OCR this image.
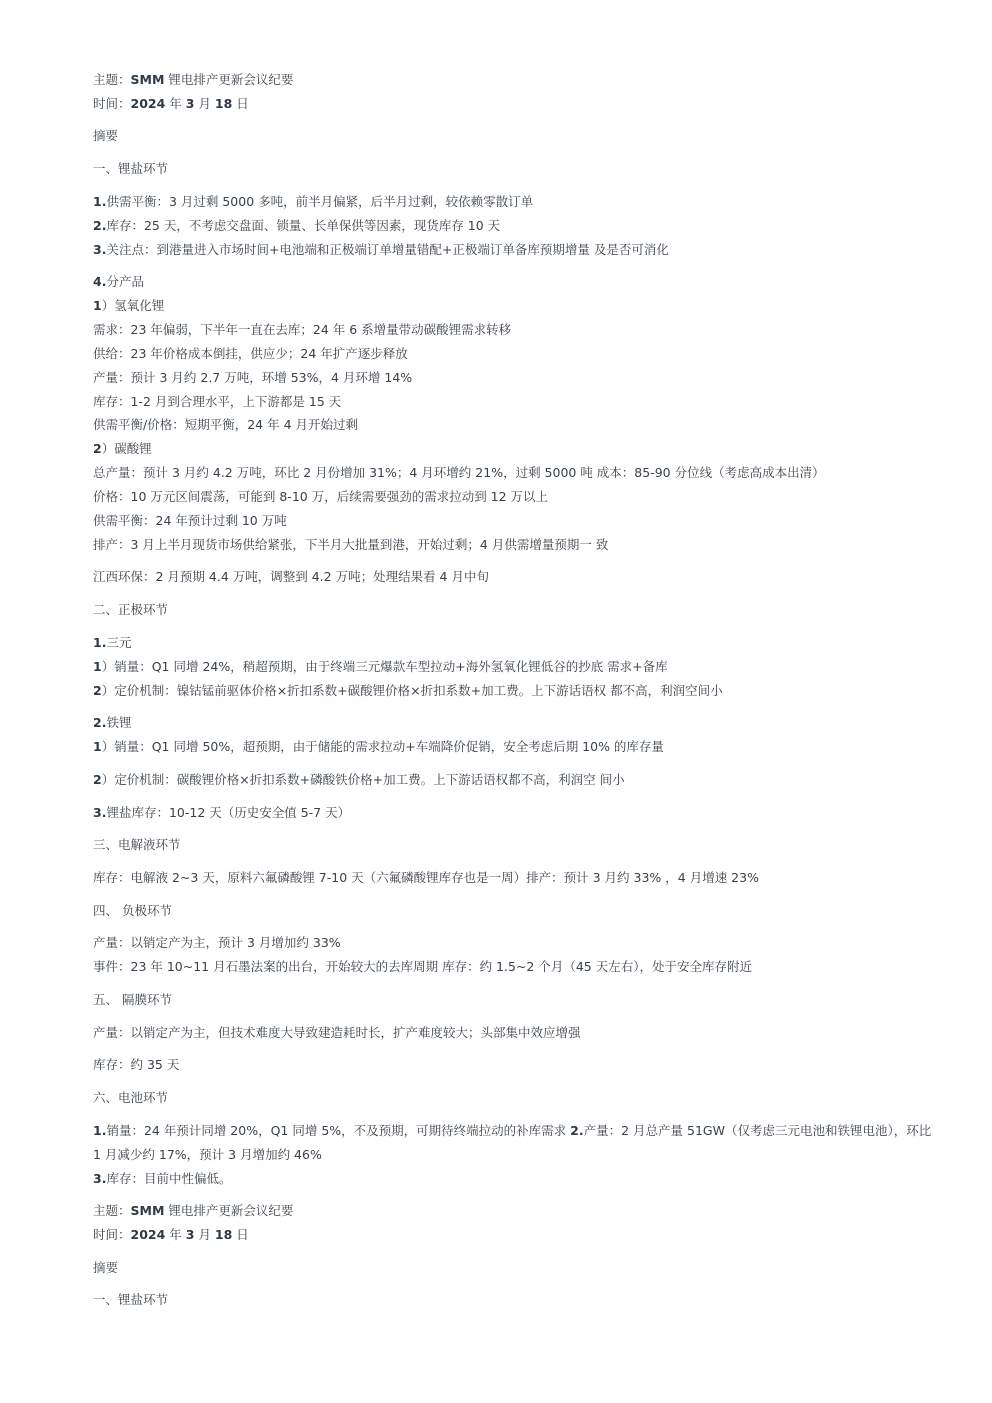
主题：SMM 锂电排产更新会议纪要
时间：2024 年 3 月 18 日
摘要
一、锂盐环节
1.供需平衡：3 月过剩 5000 多吨，前半月偏紧，后半月过剩，较依赖零散订单
2.库存：25 天，不考虑交盘面、锁量、长单保供等因素，现货库存 10 天
3.关注点：到港量进入市场时间+电池端和正极端订单增量错配+正极端订单备库预期增量 及是否可消化
4.分产品
1）氢氧化锂
需求：23 年偏弱，下半年一直在去库；24 年 6 系增量带动碳酸锂需求转移
供给：23 年价格成本倒挂，供应少；24 年扩产逐步释放
产量：预计 3 月约 2.7 万吨，环增 53%，4 月环增 14%
库存：1-2 月到合理水平，上下游都是 15 天
供需平衡/价格：短期平衡，24 年 4 月开始过剩
2）碳酸锂
总产量：预计 3 月约 4.2 万吨，环比 2 月份增加 31%；4 月环增约 21%，过剩 5000 吨 成本：85-90 分位线（考虑高成本出清）
价格：10 万元区间震荡，可能到 8-10 万，后续需要强劲的需求拉动到 12 万以上
供需平衡：24 年预计过剩 10 万吨
排产：3 月上半月现货市场供给紧张，下半月大批量到港，开始过剩；4 月供需增量预期一 致
江西环保：2 月预期 4.4 万吨，调整到 4.2 万吨；处理结果看 4 月中旬
二、正极环节
1.三元
1）销量：Q1 同增 24%，稍超预期，由于终端三元爆款车型拉动+海外氢氧化锂低谷的抄底 需求+备库
2）定价机制：镍钴锰前驱体价格×折扣系数+碳酸锂价格×折扣系数+加工费。上下游话语权 都不高，利润空间小
2.铁锂
1）销量：Q1 同增 50%，超预期，由于储能的需求拉动+车端降价促销，安全考虑后期 10% 的库存量
2）定价机制：碳酸锂价格×折扣系数+磷酸铁价格+加工费。上下游话语权都不高，利润空 间小
3.锂盐库存：10-12 天（历史安全值 5-7 天）
三、电解液环节
库存：电解液 2~3 天，原料六氟磷酸锂 7-10 天（六氟磷酸锂库存也是一周）排产：预计 3 月约 33% ，4 月增速 23%
四、 负极环节
产量：以销定产为主，预计 3 月增加约 33%
事件：23 年 10~11 月石墨法案的出台，开始较大的去库周期 库存：约 1.5~2 个月（45 天左右），处于安全库存附近
五、 隔膜环节
产量：以销定产为主，但技术难度大导致建造耗时长，扩产难度较大；头部集中效应增强
库存：约 35 天
六、电池环节
1.销量：24 年预计同增 20%，Q1 同增 5%，不及预期，可期待终端拉动的补库需求 2.产量：2 月总产量 51GW（仅考虑三元电池和铁锂电池），环比 1 月减少约 17%，预计 3 月增加约 46%
3.库存：目前中性偏低。
主题：SMM 锂电排产更新会议纪要
时间：2024 年 3 月 18 日
摘要
一、锂盐环节
